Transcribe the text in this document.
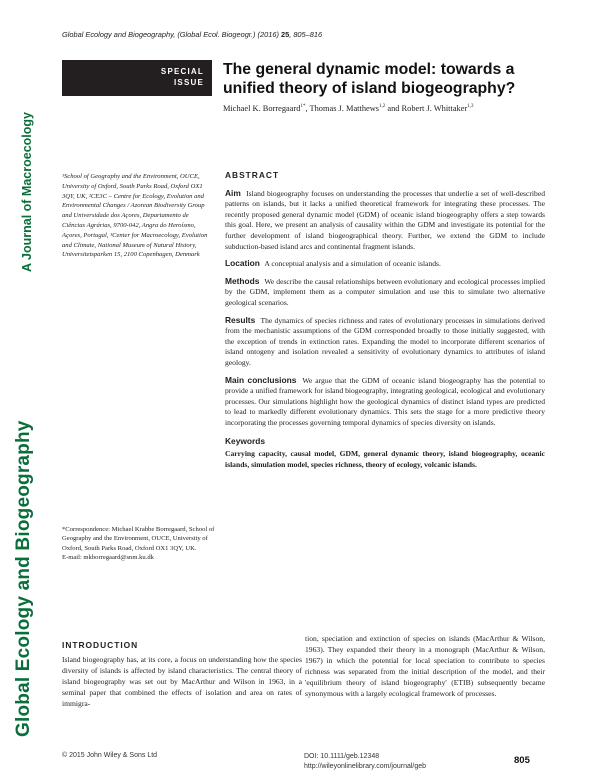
Global Ecology and Biogeography, (Global Ecol. Biogeogr.) (2016) 25, 805–816
A Journal of Macroecology
Global Ecology and Biogeography
SPECIAL
ISSUE
The general dynamic model: towards a unified theory of island biogeography?
Michael K. Borregaard$^{1*}$, Thomas J. Matthews$^{1,2}$ and Robert J. Whittaker$^{1,3}$
¹School of Geography and the Environment, OUCE, University of Oxford, South Parks Road, Oxford OX1 3QY, UK, ²CE3C – Centre for Ecology, Evolution and Environmental Changes / Azorean Biodiversity Group and Universidade dos Açores, Departamento de Ciências Agrárias, 9700-042, Angra do Heroísmo, Açores, Portugal, ³Center for Macroecology, Evolution and Climate, National Museum of Natural History, Universitetsparken 15, 2100 Copenhagen, Denmark
*Correspondence: Michael Krabbe Borregaard, School of Geography and the Environment, OUCE, University of Oxford, South Parks Road, Oxford OX1 3QY, UK.
E-mail: mkborregaard@snm.ku.dk
ABSTRACT
Aim Island biogeography focuses on understanding the processes that underlie a set of well-described patterns on islands, but it lacks a unified theoretical framework for integrating these processes. The recently proposed general dynamic model (GDM) of oceanic island biogeography offers a step towards this goal. Here, we present an analysis of causality within the GDM and investigate its potential for the further development of island biogeographical theory. Further, we extend the GDM to include subduction-based island arcs and continental fragment islands.
Location A conceptual analysis and a simulation of oceanic islands.
Methods We describe the causal relationships between evolutionary and ecological processes implied by the GDM, implement them as a computer simulation and use this to simulate two alternative geological scenarios.
Results The dynamics of species richness and rates of evolutionary processes in simulations derived from the mechanistic assumptions of the GDM corresponded broadly to those initially suggested, with the exception of trends in extinction rates. Expanding the model to incorporate different scenarios of island ontogeny and isolation revealed a sensitivity of evolutionary dynamics to attributes of island geology.
Main conclusions We argue that the GDM of oceanic island biogeography has the potential to provide a unified framework for island biogeography, integrating geological, ecological and evolutionary processes. Our simulations highlight how the geological dynamics of distinct island types are predicted to lead to markedly different evolutionary dynamics. This sets the stage for a more predictive theory incorporating the processes governing temporal dynamics of species diversity on islands.
Keywords
Carrying capacity, causal model, GDM, general dynamic theory, island biogeography, oceanic islands, simulation model, species richness, theory of ecology, volcanic islands.
INTRODUCTION
Island biogeography has, at its core, a focus on understanding how the species diversity of islands is affected by island characteristics. The central theory of island biogeography was set out by MacArthur and Wilson in 1963, in a seminal paper that combined the effects of isolation and area on rates of immigra-
tion, speciation and extinction of species on islands (MacArthur & Wilson, 1963). They expanded their theory in a monograph (MacArthur & Wilson, 1967) in which the potential for local speciation to contribute to species richness was separated from the initial description of the model, and their 'equilibrium theory of island biogeography' (ETIB) subsequently became synonymous with a largely ecological framework of processes.
© 2015 John Wiley & Sons Ltd	DOI: 10.1111/geb.12348
http://wileyonlinelibrary.com/journal/geb
805
